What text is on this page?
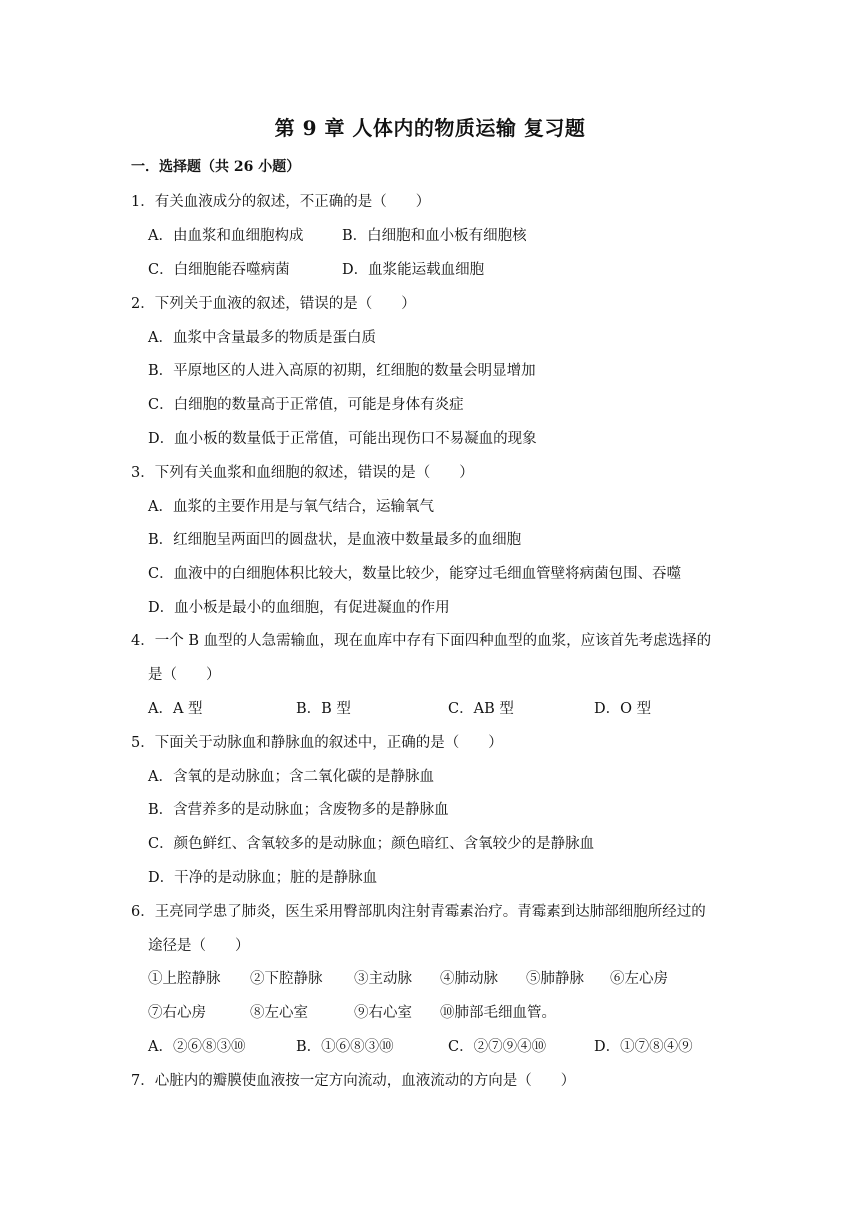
第 9 章 人体内的物质运输 复习题
一．选择题（共 26 小题）
1．有关血液成分的叙述，不正确的是（　　）
A．由血浆和血细胞构成	B．白细胞和血小板有细胞核
C．白细胞能吞噬病菌	D．血浆能运载血细胞
2．下列关于血液的叙述，错误的是（　　）
A．血浆中含量最多的物质是蛋白质
B．平原地区的人进入高原的初期，红细胞的数量会明显增加
C．白细胞的数量高于正常值，可能是身体有炎症
D．血小板的数量低于正常值，可能出现伤口不易凝血的现象
3．下列有关血浆和血细胞的叙述，错误的是（　　）
A．血浆的主要作用是与氧气结合，运输氧气
B．红细胞呈两面凹的圆盘状，是血液中数量最多的血细胞
C．血液中的白细胞体积比较大，数量比较少，能穿过毛细血管壁将病菌包围、吞噬
D．血小板是最小的血细胞，有促进凝血的作用
4．一个 B 血型的人急需输血，现在血库中存有下面四种血型的血浆，应该首先考虑选择的
是（　　）
A．A 型	B．B 型	C．AB 型	D．O 型
5．下面关于动脉血和静脉血的叙述中，正确的是（　　）
A．含氧的是动脉血；含二氧化碳的是静脉血
B．含营养多的是动脉血；含废物多的是静脉血
C．颜色鲜红、含氧较多的是动脉血；颜色暗红、含氧较少的是静脉血
D．干净的是动脉血；脏的是静脉血
6．王亮同学患了肺炎，医生采用臀部肌肉注射青霉素治疗。青霉素到达肺部细胞所经过的
途径是（　　）
①上腔静脉 ②下腔静脉 ③主动脉 ④肺动脉 ⑤肺静脉 ⑥左心房
⑦右心房	⑧左心室	⑨右心室 ⑩肺部毛细血管。
A．②⑥⑧③⑩	B．①⑥⑧③⑩	C．②⑦⑨④⑩	D．①⑦⑧④⑨
7．心脏内的瓣膜使血液按一定方向流动，血液流动的方向是（　　）
